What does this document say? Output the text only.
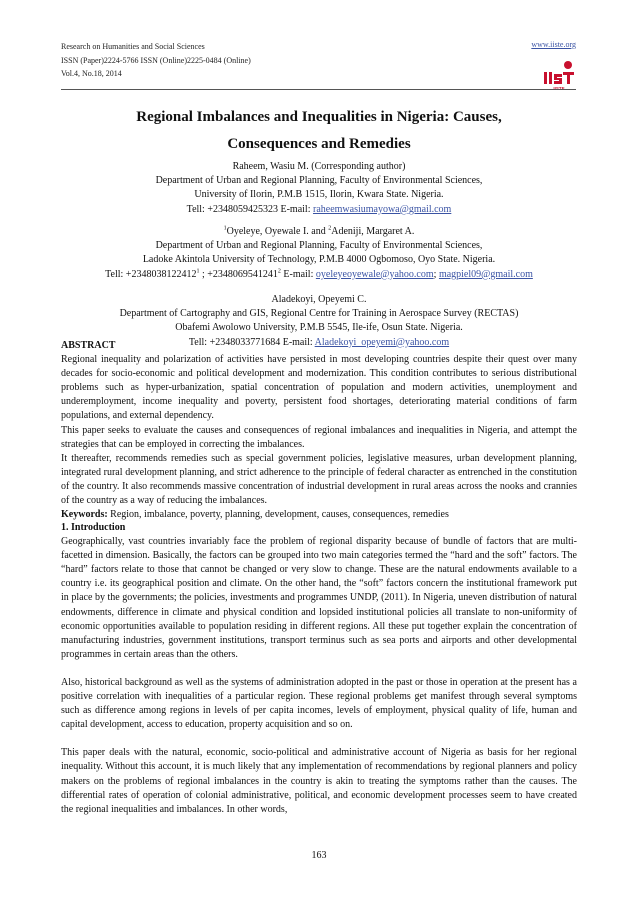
Research on Humanities and Social Sciences
ISSN (Paper)2224-5766 ISSN (Online)2225-0484 (Online)
Vol.4, No.18, 2014
www.iiste.org
IISTE
Regional Imbalances and Inequalities in Nigeria: Causes,
Consequences and Remedies

Raheem, Wasiu M. (Corresponding author)

Department of Urban and Regional Planning, Faculty of Environmental Sciences,

University of Ilorin, P.M.B 1515, Ilorin, Kwara State. Nigeria.

Tell: +2348059425323 E-mail: raheemwasiumayowa@gmail.com

$^1$Oyeleye, Oyewale I. and $^2$Adeniji, Margaret A.

Department of Urban and Regional Planning, Faculty of Environmental Sciences,

Ladoke Akintola University of Technology, P.M.B 4000 Ogbomoso, Oyo State. Nigeria.

Tell: $+2348038122412^1$ ; $+2348069541241^2$ E-mail: oyeleyeoyewale@yahoo.com; magpiel09@gmail.com

Aladekoyi, Opeyemi C.

Department of Cartography and GIS, Regional Centre for Training in Aerospace Survey (RECTAS)

Obafemi Awolowo University, P.M.B 5545, Ile-ife, Osun State. Nigeria.

Tell: +2348033771684 E-mail: Aladekoyi_opeyemi@yahoo.com

ABSTRACT

Regional inequality and polarization of activities have persisted in most developing countries despite their quest over many decades for socio-economic and political development and modernization. This condition contributes to serious distributional problems such as hyper-urbanization, spatial concentration of population and modern activities, unemployment and underemployment, income inequality and poverty, persistent food shortages, deteriorating material conditions of farm populations, and external dependency.

This paper seeks to evaluate the causes and consequences of regional imbalances and inequalities in Nigeria, and attempt the strategies that can be employed in correcting the imbalances.

It thereafter, recommends remedies such as special government policies, legislative measures, urban development planning, integrated rural development planning, and strict adherence to the principle of federal character as entrenched in the constitution of the country. It also recommends massive concentration of industrial development in rural areas across the nooks and crannies of the country as a way of reducing the imbalances.

Keywords: Region, imbalance, poverty, planning, development, causes, consequences, remedies

1. Introduction

Geographically, vast countries invariably face the problem of regional disparity because of bundle of factors that are multi-facetted in dimension. Basically, the factors can be grouped into two main categories termed the “hard and the soft” factors. The “hard” factors relate to those that cannot be changed or very slow to change. These are the natural endowments available to a country i.e. its geographical position and climate. On the other hand, the “soft” factors concern the institutional framework put in place by the governments; the policies, investments and programmes UNDP, (2011). In Nigeria, uneven distribution of natural endowments, difference in climate and physical condition and lopsided institutional policies all translate to non-uniformity of economic opportunities available to population residing in different regions. All these put together explain the concentration of manufacturing industries, government institutions, transport terminus such as sea ports and airports and other developmental programmes in certain areas than the others.

Also, historical background as well as the systems of administration adopted in the past or those in operation at the present has a positive correlation with inequalities of a particular region. These regional problems get manifest through several symptoms such as difference among regions in levels of per capita incomes, levels of employment, physical quality of life, human and capital development, access to education, property acquisition and so on.

This paper deals with the natural, economic, socio-political and administrative account of Nigeria as basis for her regional inequality. Without this account, it is much likely that any implementation of recommendations by regional planners and policy makers on the problems of regional imbalances in the country is akin to treating the symptoms rather than the causes. The differential rates of operation of colonial administrative, political, and economic development processes seem to have created the regional inequalities and imbalances. In other words,

163
